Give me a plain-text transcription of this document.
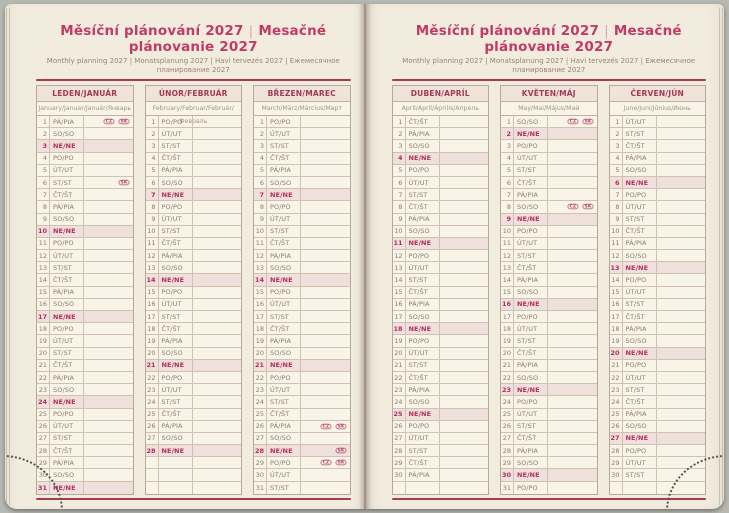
Měsíční plánování 2027 | Mesačné plánovanie 2027
Monthly planning 2027 | Monatsplanung 2027 | Havi tervezés 2027 | Ежемесячное планирование 2027
LEDEN/JANUÁR
January/Januar/Január/Январь
1 PÁ/PIA	CZ	SK
2 SO/SO
3 NE/NE
4 PO/PO
5 ÚT/UT
6 ST/ST	SK
7 ČT/ŠT
8 PÁ/PIA
9 SO/SO
10 NE/NE
11 PO/PO
12 ÚT/UT
13 ST/ST
14 ČT/ŠT
15 PÁ/PIA
16 SO/SO
17 NE/NE
18 PO/PO
19 ÚT/UT
20 ST/ST
21 ČT/ŠT
22 PÁ/PIA
23 SO/SO
24 NE/NE
25 PO/PO
26 ÚT/UT
27 ST/ST
28 ČT/ŠT
29 PÁ/PIA
30 SO/SO
31 NE/NE
ÚNOR/FEBRUÁR
February/Februar/Február/Февраль
1 PO/PO
2 ÚT/UT
3 ST/ST
4 ČT/ŠT
5 PÁ/PIA
6 SO/SO
7 NE/NE
8 PO/PO
9 ÚT/UT
10 ST/ST
11 ČT/ŠT
12 PÁ/PIA
13 SO/SO
14 NE/NE
15 PO/PO
16 ÚT/UT
17 ST/ST
18 ČT/ŠT
19 PÁ/PIA
20 SO/SO
21 NE/NE
22 PO/PO
23 ÚT/UT
24 ST/ST
25 ČT/ŠT
26 PÁ/PIA
27 SO/SO
28 NE/NE
BŘEZEN/MAREC
March/März/Március/Март
1 PO/PO
2 ÚT/UT
3 ST/ST
4 ČT/ŠT
5 PÁ/PIA
6 SO/SO
7 NE/NE
8 PO/PO
9 ÚT/UT
10 ST/ST
11 ČT/ŠT
12 PÁ/PIA
13 SO/SO
14 NE/NE
15 PO/PO
16 ÚT/UT
17 ST/ST
18 ČT/ŠT
19 PÁ/PIA
20 SO/SO
21 NE/NE
22 PO/PO
23 ÚT/UT
24 ST/ST
25 ČT/ŠT
26 PÁ/PIA	CZ	SK
27 SO/SO
28 NE/NE	SK
29 PO/PO	CZ	SK
30 ÚT/UT
31 ST/ST
Měsíční plánování 2027 | Mesačné plánovanie 2027
Monthly planning 2027 | Monatsplanung 2027 | Havi tervezés 2027 | Ежемесячное планирование 2027
DUBEN/APRÍL
April/April/Április/Апрель
1 ČT/ŠT
2 PÁ/PIA
3 SO/SO
4 NE/NE
5 PO/PO
6 ÚT/UT
7 ST/ST
8 ČT/ŠT
9 PÁ/PIA
10 SO/SO
11 NE/NE
12 PO/PO
13 ÚT/UT
14 ST/ST
15 ČT/ŠT
16 PÁ/PIA
17 SO/SO
18 NE/NE
19 PO/PO
20 ÚT/UT
21 ST/ST
22 ČT/ŠT
23 PÁ/PIA
24 SO/SO
25 NE/NE
26 PO/PO
27 ÚT/UT
28 ST/ST
29 ČT/ŠT
30 PÁ/PIA
KVĚTEN/MÁJ
May/Mai/Május/Май
1 SO/SO	CZ	SK
2 NE/NE
3 PO/PO
4 ÚT/UT
5 ST/ST
6 ČT/ŠT
7 PÁ/PIA
8 SO/SO	CZ	SK
9 NE/NE
10 PO/PO
11 ÚT/UT
12 ST/ST
13 ČT/ŠT
14 PÁ/PIA
15 SO/SO
16 NE/NE
17 PO/PO
18 ÚT/UT
19 ST/ST
20 ČT/ŠT
21 PÁ/PIA
22 SO/SO
23 NE/NE
24 PO/PO
25 ÚT/UT
26 ST/ST
27 ČT/ŠT
28 PÁ/PIA
29 SO/SO
30 NE/NE
31 PO/PO
ČERVEN/JÚN
June/Juni/Június/Июнь
1 ÚT/UT
2 ST/ST
3 ČT/ŠT
4 PÁ/PIA
5 SO/SO
6 NE/NE
7 PO/PO
8 ÚT/UT
9 ST/ST
10 ČT/ŠT
11 PÁ/PIA
12 SO/SO
13 NE/NE
14 PO/PO
15 ÚT/UT
16 ST/ST
17 ČT/ŠT
18 PÁ/PIA
19 SO/SO
20 NE/NE
21 PO/PO
22 ÚT/UT
23 ST/ST
24 ČT/ŠT
25 PÁ/PIA
26 SO/SO
27 NE/NE
28 PO/PO
29 ÚT/UT
30 ST/ST
